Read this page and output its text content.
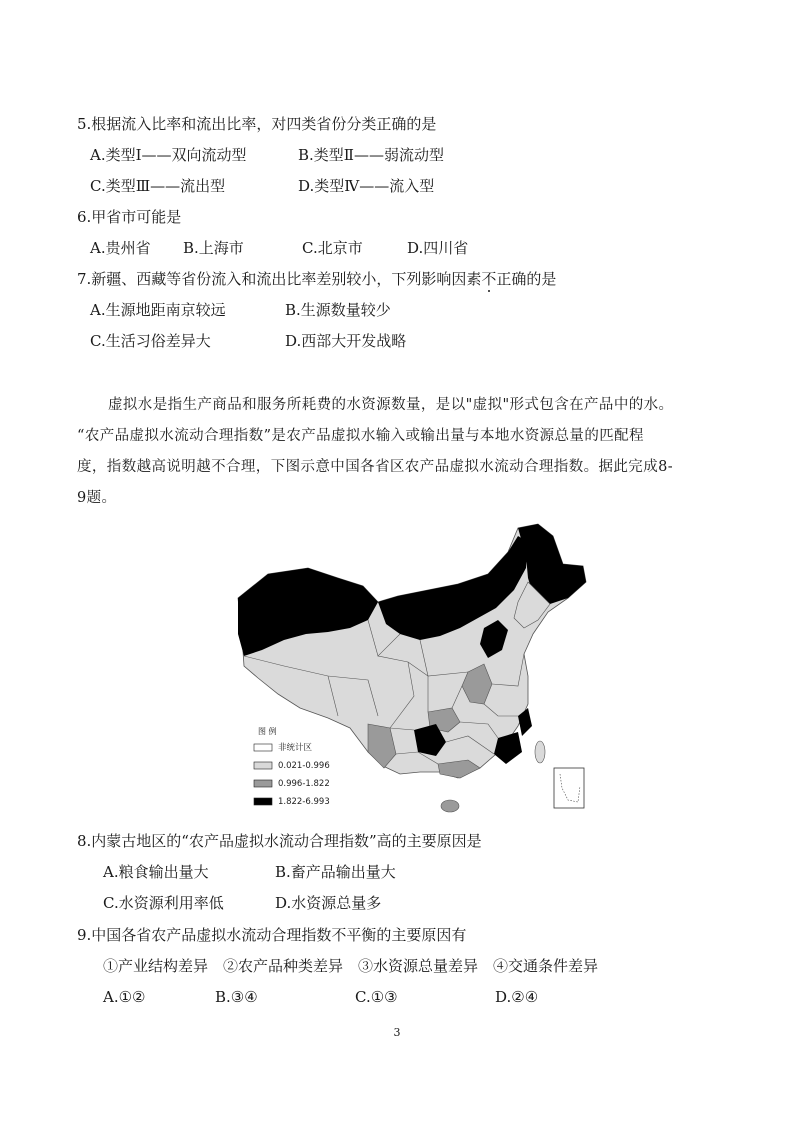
5.根据流入比率和流出比率，对四类省份分类正确的是
A.类型Ⅰ——双向流动型	B.类型Ⅱ——弱流动型
C.类型Ⅲ——流出型	D.类型Ⅳ——流入型
6.甲省市可能是
A.贵州省 B.上海市	C.北京市	D.四川省
7.新疆、西藏等省份流入和流出比率差别较小，下列影响因素不正确的是
A.生源地距南京较远	B.生源数量较少
C.生活习俗差异大	D.西部大开发战略
虚拟水是指生产商品和服务所耗费的水资源数量，是以"虚拟"形式包含在产品中的水。
“农产品虚拟水流动合理指数”是农产品虚拟水输入或输出量与本地水资源总量的匹配程
度，指数越高说明越不合理，下图示意中国各省区农产品虚拟水流动合理指数。据此完成8-
9题。
图 例
非统计区
0.021-0.996
0.996-1.822
1.822-6.993
8.内蒙古地区的“农产品虚拟水流动合理指数”高的主要原因是
A.粮食输出量大	B.畜产品输出量大
C.水资源利用率低	D.水资源总量多
9.中国各省农产品虚拟水流动合理指数不平衡的主要原因有
①产业结构差异　②农产品种类差异　③水资源总量差异　④交通条件差异
A.①②	B.③④	C.①③	D.②④
3
